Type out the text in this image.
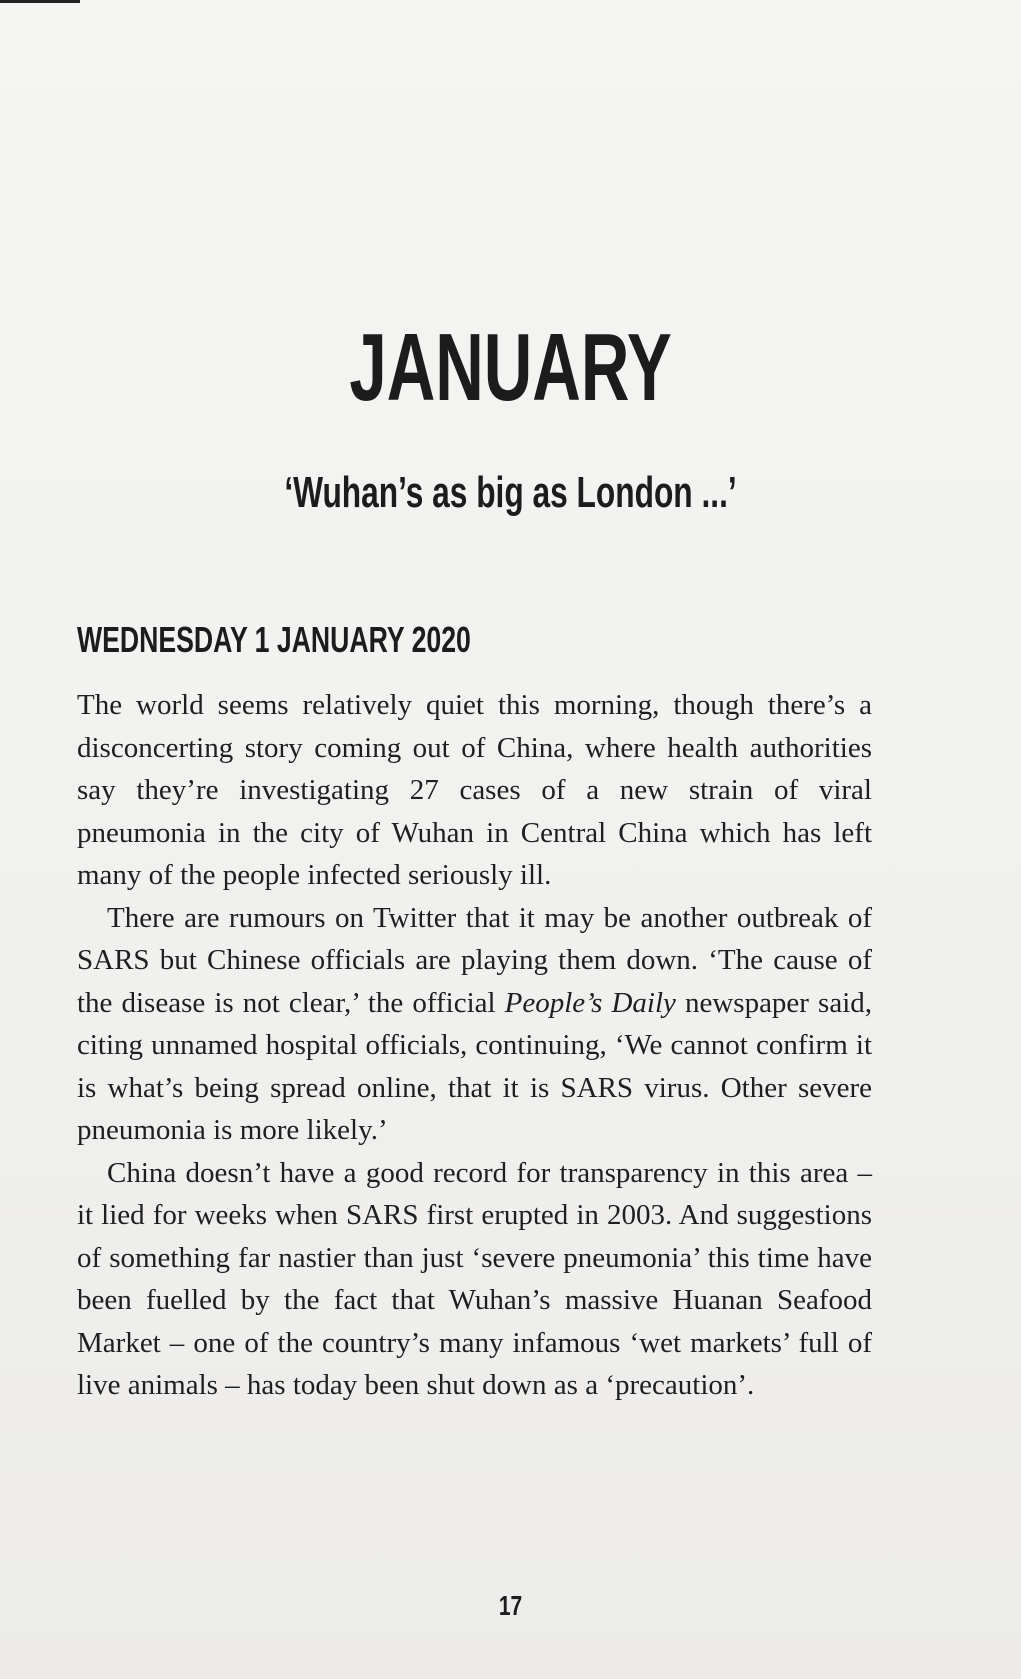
JANUARY
‘Wuhan’s as big as London ...’
WEDNESDAY 1 JANUARY 2020

The world seems relatively quiet this morning, though there’s a disconcerting story coming out of China, where health authorities say they’re investigating 27 cases of a new strain of viral pneumonia in the city of Wuhan in Central China which has left many of the people infected seriously ill.

There are rumours on Twitter that it may be another outbreak of SARS but Chinese officials are playing them down. ‘The cause of the disease is not clear,’ the official People’s Daily newspaper said, citing unnamed hospital officials, continuing, ‘We cannot confirm it is what’s being spread online, that it is SARS virus. Other severe pneumonia is more likely.’

China doesn’t have a good record for transparency in this area – it lied for weeks when SARS first erupted in 2003. And suggestions of something far nastier than just ‘severe pneumonia’ this time have been fuelled by the fact that Wuhan’s massive Huanan Seafood Market – one of the country’s many infamous ‘wet markets’ full of live animals – has today been shut down as a ‘precaution’.

17
